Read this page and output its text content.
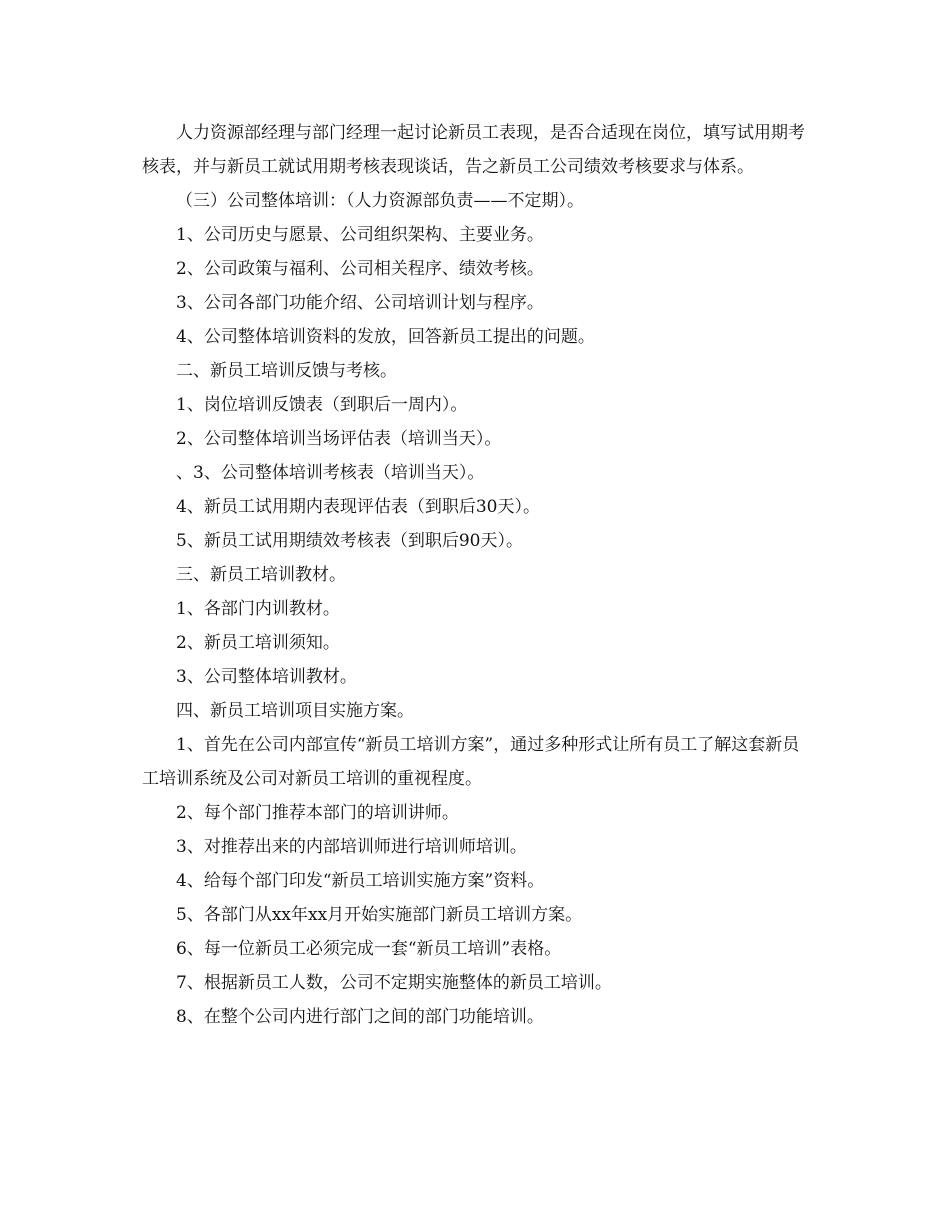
人力资源部经理与部门经理一起讨论新员工表现，是否合适现在岗位，填写试用期考核表，并与新员工就试用期考核表现谈话，告之新员工公司绩效考核要求与体系。

（三）公司整体培训：（人力资源部负责——不定期）。

1、公司历史与愿景、公司组织架构、主要业务。

2、公司政策与福利、公司相关程序、绩效考核。

3、公司各部门功能介绍、公司培训计划与程序。

4、公司整体培训资料的发放，回答新员工提出的问题。

二、新员工培训反馈与考核。

1、岗位培训反馈表（到职后一周内）。

2、公司整体培训当场评估表（培训当天）。

、3、公司整体培训考核表（培训当天）。

4、新员工试用期内表现评估表（到职后30天）。

5、新员工试用期绩效考核表（到职后90天）。

三、新员工培训教材。

1、各部门内训教材。

2、新员工培训须知。

3、公司整体培训教材。

四、新员工培训项目实施方案。

1、首先在公司内部宣传“新员工培训方案”，通过多种形式让所有员工了解这套新员工培训系统及公司对新员工培训的重视程度。

2、每个部门推荐本部门的培训讲师。

3、对推荐出来的内部培训师进行培训师培训。

4、给每个部门印发“新员工培训实施方案”资料。

5、各部门从xx年xx月开始实施部门新员工培训方案。

6、每一位新员工必须完成一套“新员工培训”表格。

7、根据新员工人数，公司不定期实施整体的新员工培训。

8、在整个公司内进行部门之间的部门功能培训。
